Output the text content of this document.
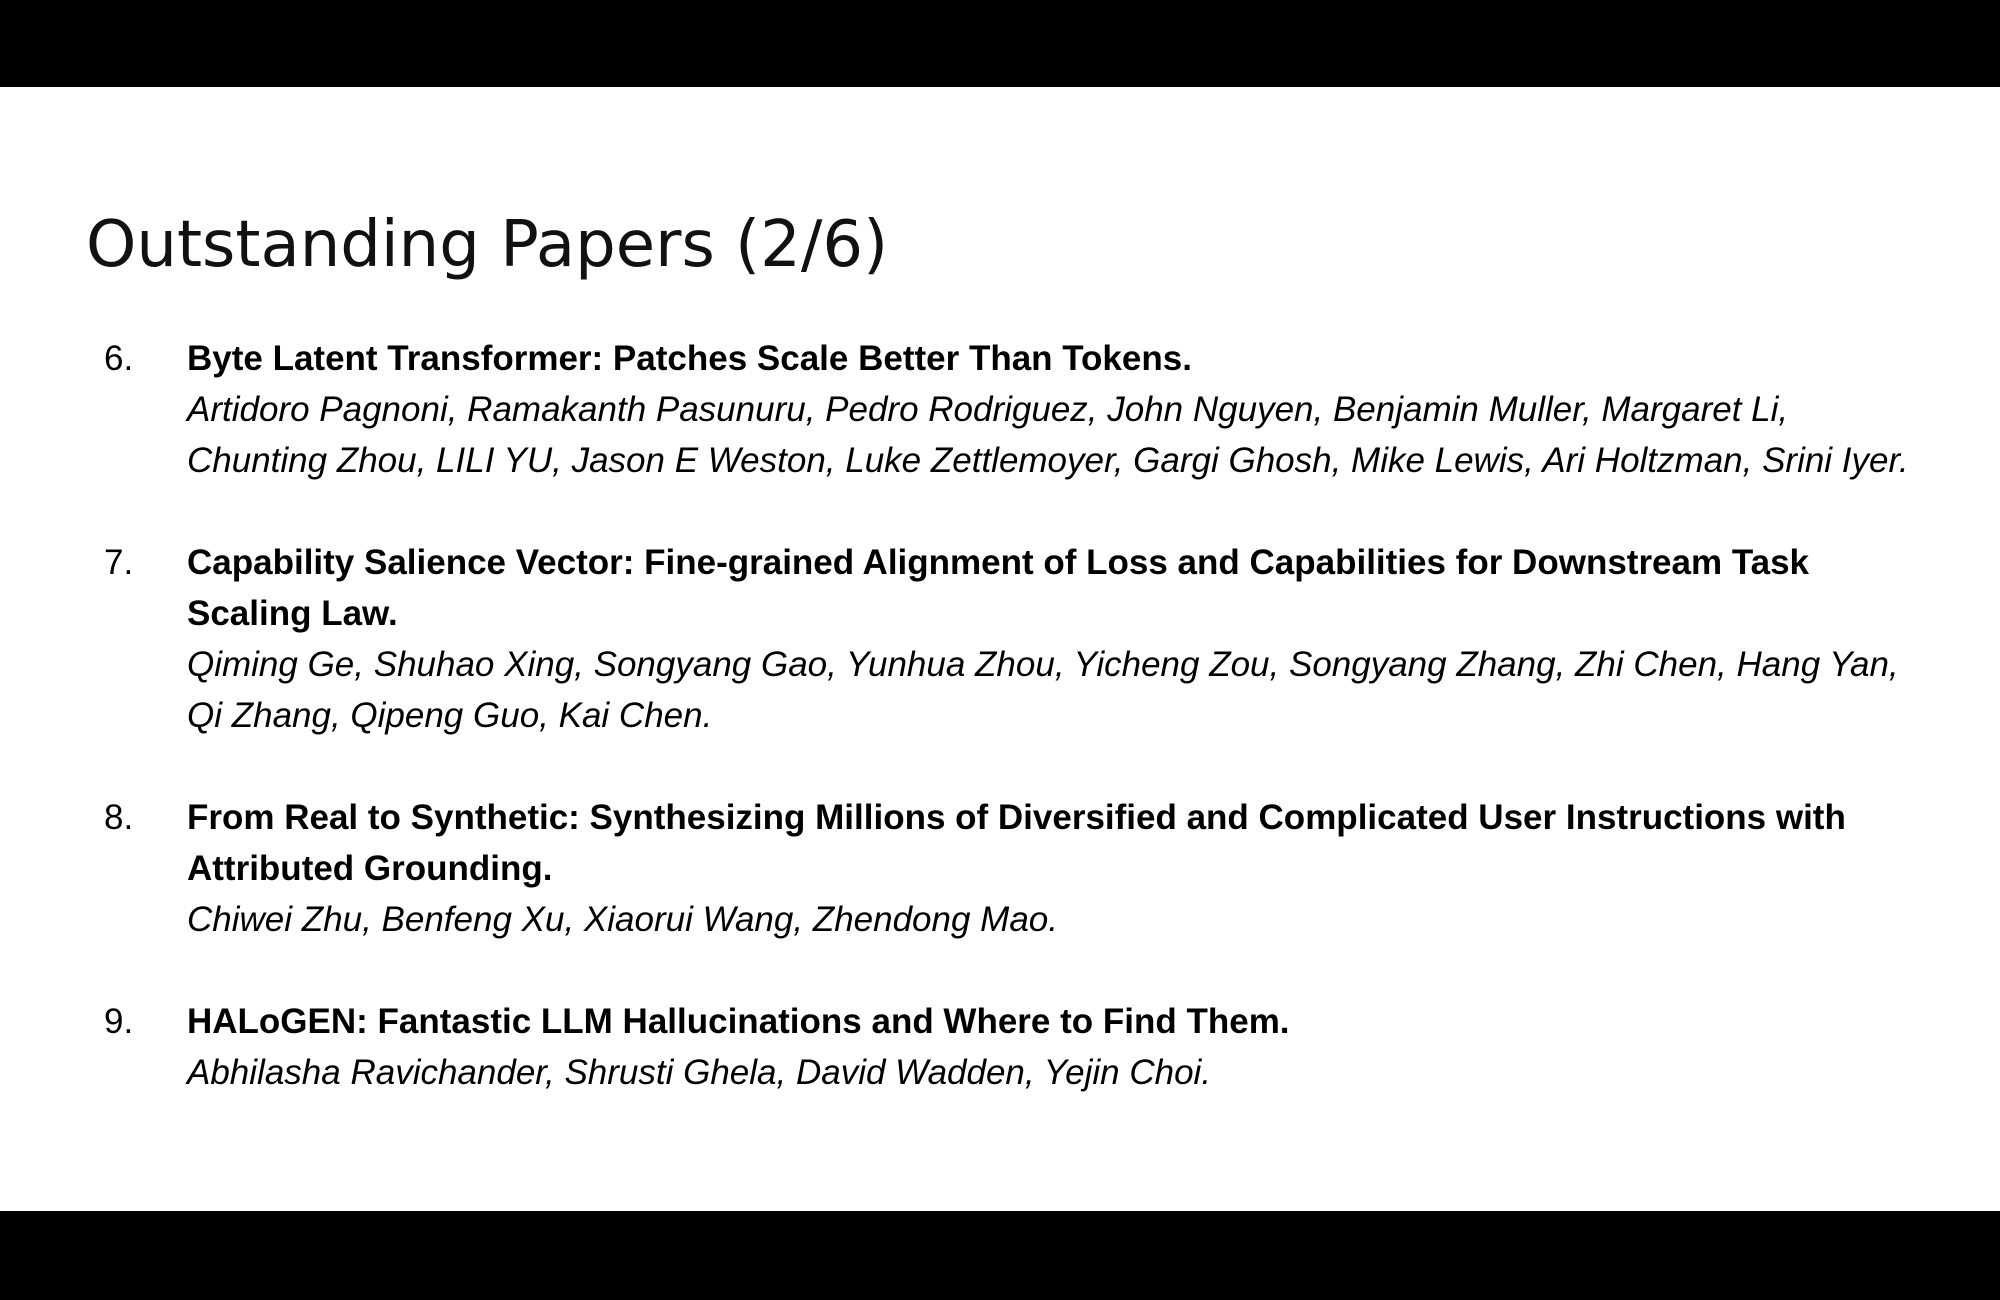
Outstanding Papers (2/6)
6. Byte Latent Transformer: Patches Scale Better Than Tokens.
Artidoro Pagnoni, Ramakanth Pasunuru, Pedro Rodriguez, John Nguyen, Benjamin Muller, Margaret Li, Chunting Zhou, LILI YU, Jason E Weston, Luke Zettlemoyer, Gargi Ghosh, Mike Lewis, Ari Holtzman, Srini Iyer.
7. Capability Salience Vector: Fine-grained Alignment of Loss and Capabilities for Downstream Task Scaling Law.
Qiming Ge, Shuhao Xing, Songyang Gao, Yunhua Zhou, Yicheng Zou, Songyang Zhang, Zhi Chen, Hang Yan, Qi Zhang, Qipeng Guo, Kai Chen.
8. From Real to Synthetic: Synthesizing Millions of Diversified and Complicated User Instructions with Attributed Grounding.
Chiwei Zhu, Benfeng Xu, Xiaorui Wang, Zhendong Mao.
9. HALoGEN: Fantastic LLM Hallucinations and Where to Find Them.
Abhilasha Ravichander, Shrusti Ghela, David Wadden, Yejin Choi.
